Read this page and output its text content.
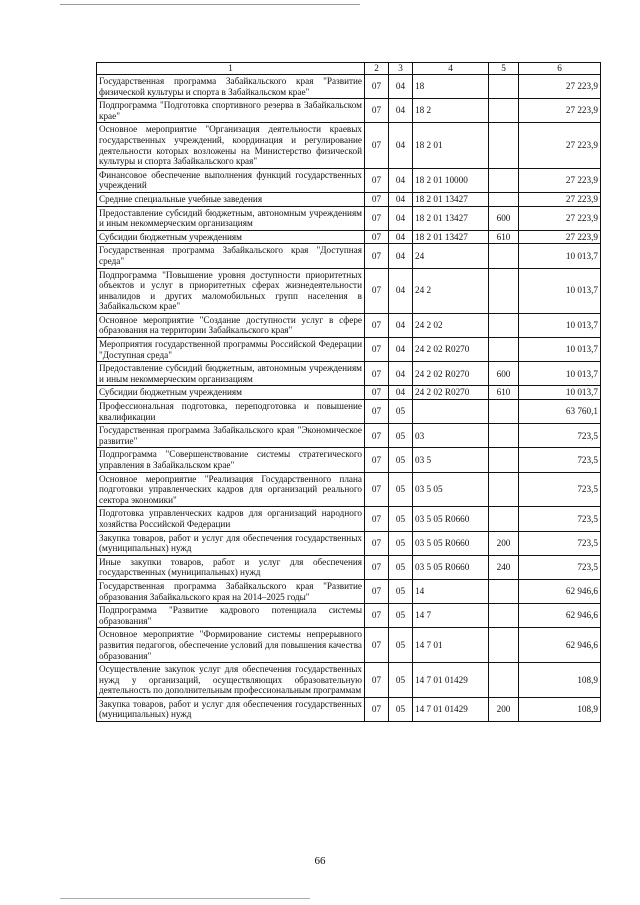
1	2	3	4	5	6
Государственная программа Забайкальского края "Развитие физической культуры и спорта в Забайкальском крае"	07	04	18		27 223,9
Подпрограмма "Подготовка спортивного резерва в Забайкальском крае"	07	04	18 2		27 223,9
Основное мероприятие "Организация деятельности краевых государственных учреждений, координация и регулирование деятельности которых возложены на Министерство физической культуры и спорта Забайкальского края"	07	04	18 2 01		27 223,9
Финансовое обеспечение выполнения функций государственных учреждений	07	04	18 2 01 10000		27 223,9
Средние специальные учебные заведения	07	04	18 2 01 13427		27 223,9
Предоставление субсидий бюджетным, автономным учреждениям и иным некоммерческим организациям	07	04	18 2 01 13427	600	27 223,9
Субсидии бюджетным учреждениям	07	04	18 2 01 13427	610	27 223,9
Государственная программа Забайкальского края "Доступная среда"	07	04	24		10 013,7
Подпрограмма "Повышение уровня доступности приоритетных объектов и услуг в приоритетных сферах жизнедеятельности инвалидов и других маломобильных групп населения в Забайкальском крае"	07	04	24 2		10 013,7
Основное мероприятие "Создание доступности услуг в сфере образования на территории Забайкальского края"	07	04	24 2 02		10 013,7
Мероприятия государственной программы Российской Федерации "Доступная среда"	07	04	24 2 02 R0270		10 013,7
Предоставление субсидий бюджетным, автономным учреждениям и иным некоммерческим организациям	07	04	24 2 02 R0270	600	10 013,7
Субсидии бюджетным учреждениям	07	04	24 2 02 R0270	610	10 013,7
Профессиональная подготовка, переподготовка и повышение квалификации	07	05			63 760,1
Государственная программа Забайкальского края "Экономическое развитие"	07	05	03		723,5
Подпрограмма "Совершенствование системы стратегического управления в Забайкальском крае"	07	05	03 5		723,5
Основное мероприятие "Реализация Государственного плана подготовки управленческих кадров для организаций реального сектора экономики"	07	05	03 5 05		723,5
Подготовка управленческих кадров для организаций народного хозяйства Российской Федерации	07	05	03 5 05 R0660		723,5
Закупка товаров, работ и услуг для обеспечения государственных (муниципальных) нужд	07	05	03 5 05 R0660	200	723,5
Иные закупки товаров, работ и услуг для обеспечения государственных (муниципальных) нужд	07	05	03 5 05 R0660	240	723,5
Государственная программа Забайкальского края "Развитие образования Забайкальского края на 2014–2025 годы"	07	05	14		62 946,6
Подпрограмма "Развитие кадрового потенциала системы образования"	07	05	14 7		62 946,6
Основное мероприятие "Формирование системы непрерывного развития педагогов, обеспечение условий для повышения качества образования"	07	05	14 7 01		62 946,6
Осуществление закупок услуг для обеспечения государственных нужд у организаций, осуществляющих образовательную деятельность по дополнительным профессиональным программам	07	05	14 7 01 01429		108,9
Закупка товаров, работ и услуг для обеспечения государственных (муниципальных) нужд	07	05	14 7 01 01429	200	108,9
66
